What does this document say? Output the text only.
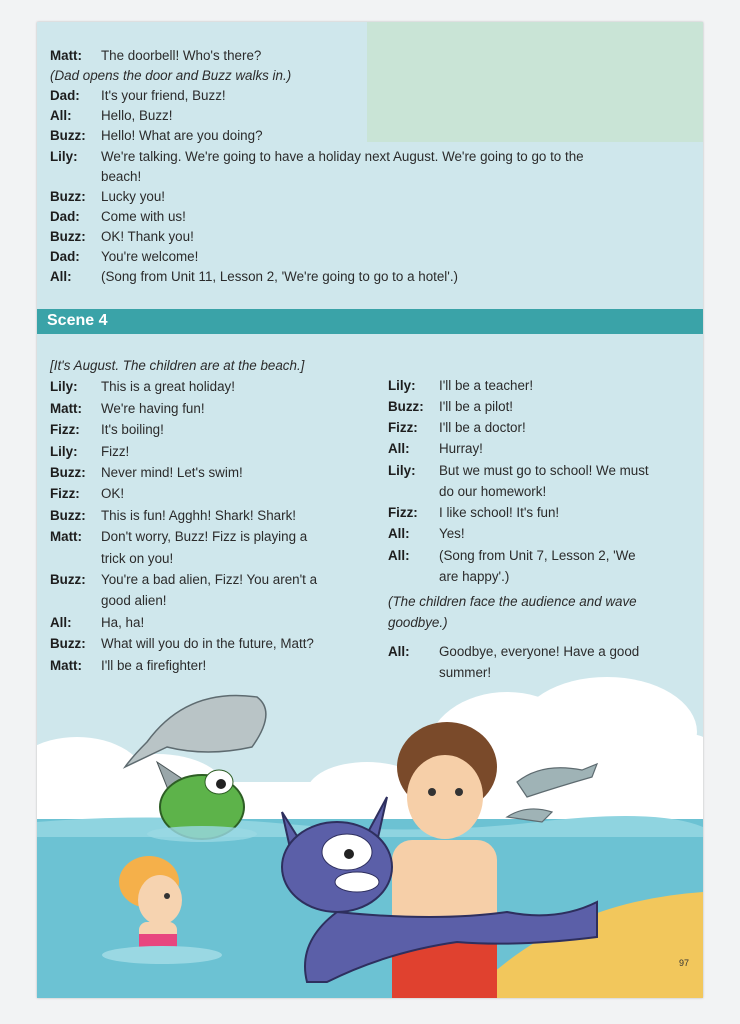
Matt: The doorbell! Who's there?
(Dad opens the door and Buzz walks in.)
Dad: It's your friend, Buzz!
All: Hello, Buzz!
Buzz: Hello! What are you doing?
Lily: We're talking. We're going to have a holiday next August. We're going to go to the
beach!
Buzz: Lucky you!
Dad: Come with us!
Buzz: OK! Thank you!
Dad: You're welcome!
All: (Song from Unit 11, Lesson 2, 'We're going to go to a hotel'.)
Scene 4
[It's August. The children are at the beach.]
Lily: This is a great holiday!
Matt: We're having fun!
Fizz: It's boiling!
Lily: Fizz!
Buzz: Never mind! Let's swim!
Fizz: OK!
Buzz: This is fun! Agghh! Shark! Shark!
Matt: Don't worry, Buzz! Fizz is playing a
trick on you!
Buzz: You're a bad alien, Fizz! You aren't a
good alien!
All: Ha, ha!
Buzz: What will you do in the future, Matt?
Matt: I'll be a firefighter!
Lily: I'll be a teacher!
Buzz: I'll be a pilot!
Fizz: I'll be a doctor!
All: Hurray!
Lily: But we must go to school! We must
do our homework!
Fizz: I like school! It's fun!
All: Yes!
All: (Song from Unit 7, Lesson 2, 'We
are happy'.)
(The children face the audience and wave
goodbye.)
All: Goodbye, everyone! Have a good
summer!
97
